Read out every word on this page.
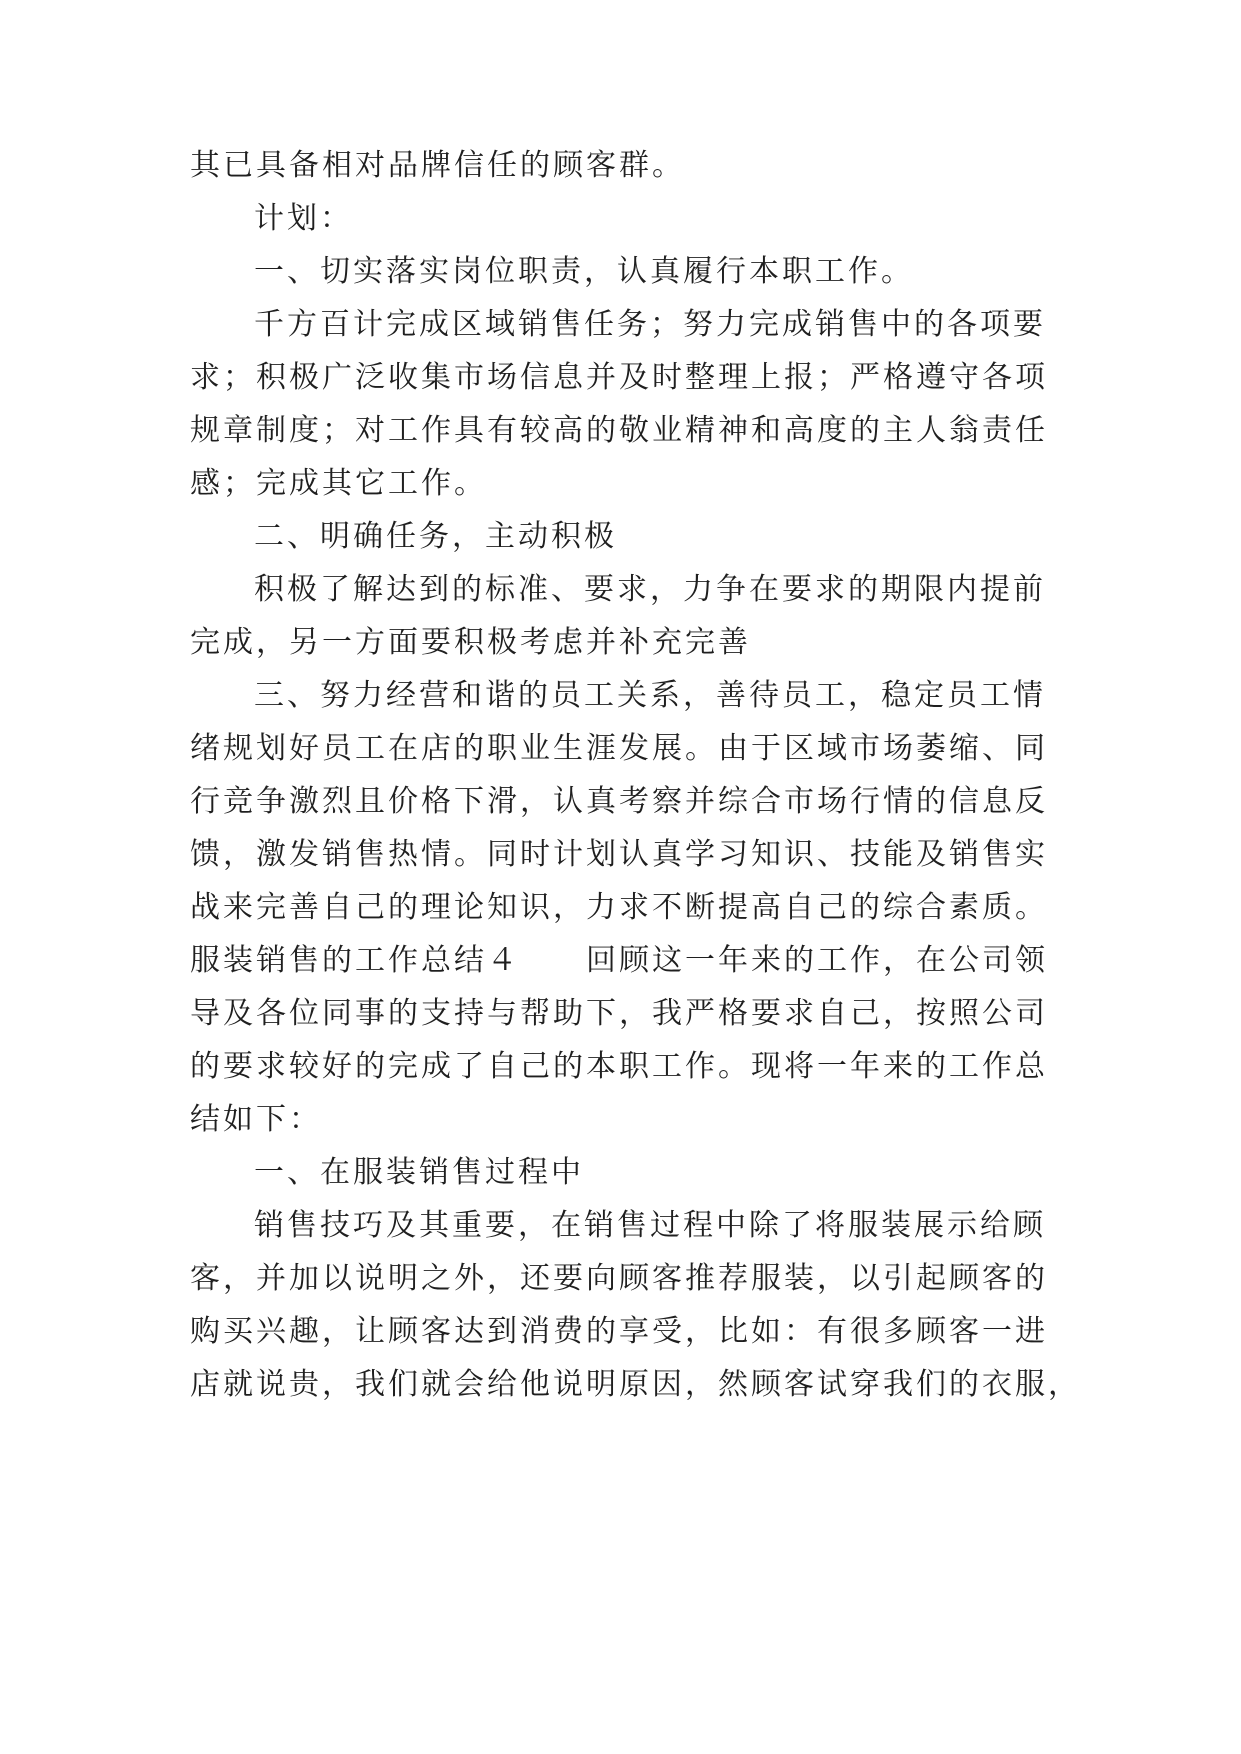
其已具备相对品牌信任的顾客群。
计划：
一、切实落实岗位职责，认真履行本职工作。
千方百计完成区域销售任务；努力完成销售中的各项要
求；积极广泛收集市场信息并及时整理上报；严格遵守各项
规章制度；对工作具有较高的敬业精神和高度的主人翁责任
感；完成其它工作。
二、明确任务，主动积极
积极了解达到的标准、要求，力争在要求的期限内提前
完成，另一方面要积极考虑并补充完善
三、努力经营和谐的员工关系，善待员工，稳定员工情
绪规划好员工在店的职业生涯发展。由于区域市场萎缩、同
行竞争激烈且价格下滑，认真考察并综合市场行情的信息反
馈，激发销售热情。同时计划认真学习知识、技能及销售实
战来完善自己的理论知识，力求不断提高自己的综合素质。
服装销售的工作总结４　　回顾这一年来的工作，在公司领
导及各位同事的支持与帮助下，我严格要求自己，按照公司
的要求较好的完成了自己的本职工作。现将一年来的工作总
结如下：
一、在服装销售过程中
销售技巧及其重要，在销售过程中除了将服装展示给顾
客，并加以说明之外，还要向顾客推荐服装，以引起顾客的
购买兴趣，让顾客达到消费的享受，比如：有很多顾客一进
店就说贵，我们就会给他说明原因，然顾客试穿我们的衣服，
